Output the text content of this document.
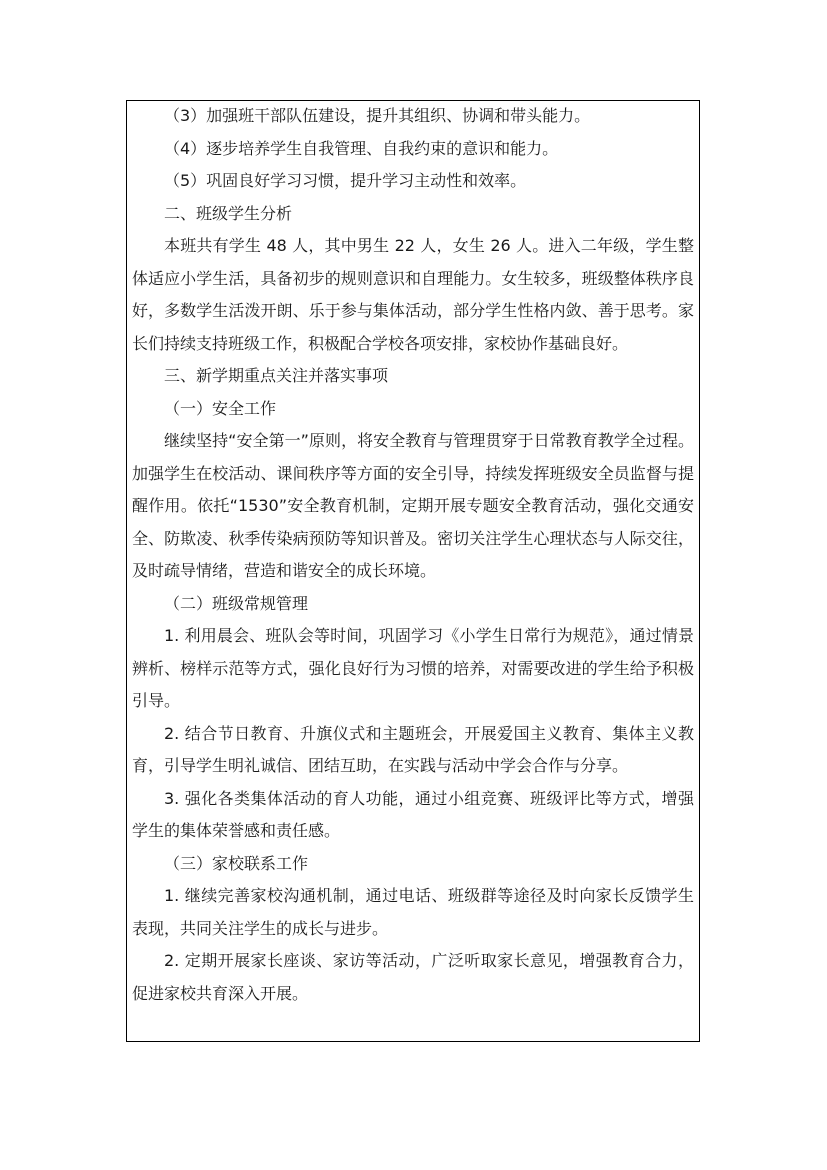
（3）加强班干部队伍建设，提升其组织、协调和带头能力。

（4）逐步培养学生自我管理、自我约束的意识和能力。

（5）巩固良好学习习惯，提升学习主动性和效率。

二、班级学生分析

本班共有学生 48 人，其中男生 22 人，女生 26 人。进入二年级，学生整体适应小学生活，具备初步的规则意识和自理能力。女生较多，班级整体秩序良好，多数学生活泼开朗、乐于参与集体活动，部分学生性格内敛、善于思考。家长们持续支持班级工作，积极配合学校各项安排，家校协作基础良好。

三、新学期重点关注并落实事项

（一）安全工作

继续坚持“安全第一”原则，将安全教育与管理贯穿于日常教育教学全过程。加强学生在校活动、课间秩序等方面的安全引导，持续发挥班级安全员监督与提醒作用。依托“1530”安全教育机制，定期开展专题安全教育活动，强化交通安全、防欺凌、秋季传染病预防等知识普及。密切关注学生心理状态与人际交往，及时疏导情绪，营造和谐安全的成长环境。

（二）班级常规管理

1. 利用晨会、班队会等时间，巩固学习《小学生日常行为规范》，通过情景辨析、榜样示范等方式，强化良好行为习惯的培养，对需要改进的学生给予积极引导。

2. 结合节日教育、升旗仪式和主题班会，开展爱国主义教育、集体主义教育，引导学生明礼诚信、团结互助，在实践与活动中学会合作与分享。

3. 强化各类集体活动的育人功能，通过小组竞赛、班级评比等方式，增强学生的集体荣誉感和责任感。

（三）家校联系工作

1. 继续完善家校沟通机制，通过电话、班级群等途径及时向家长反馈学生表现，共同关注学生的成长与进步。

2. 定期开展家长座谈、家访等活动，广泛听取家长意见，增强教育合力，促进家校共育深入开展。
